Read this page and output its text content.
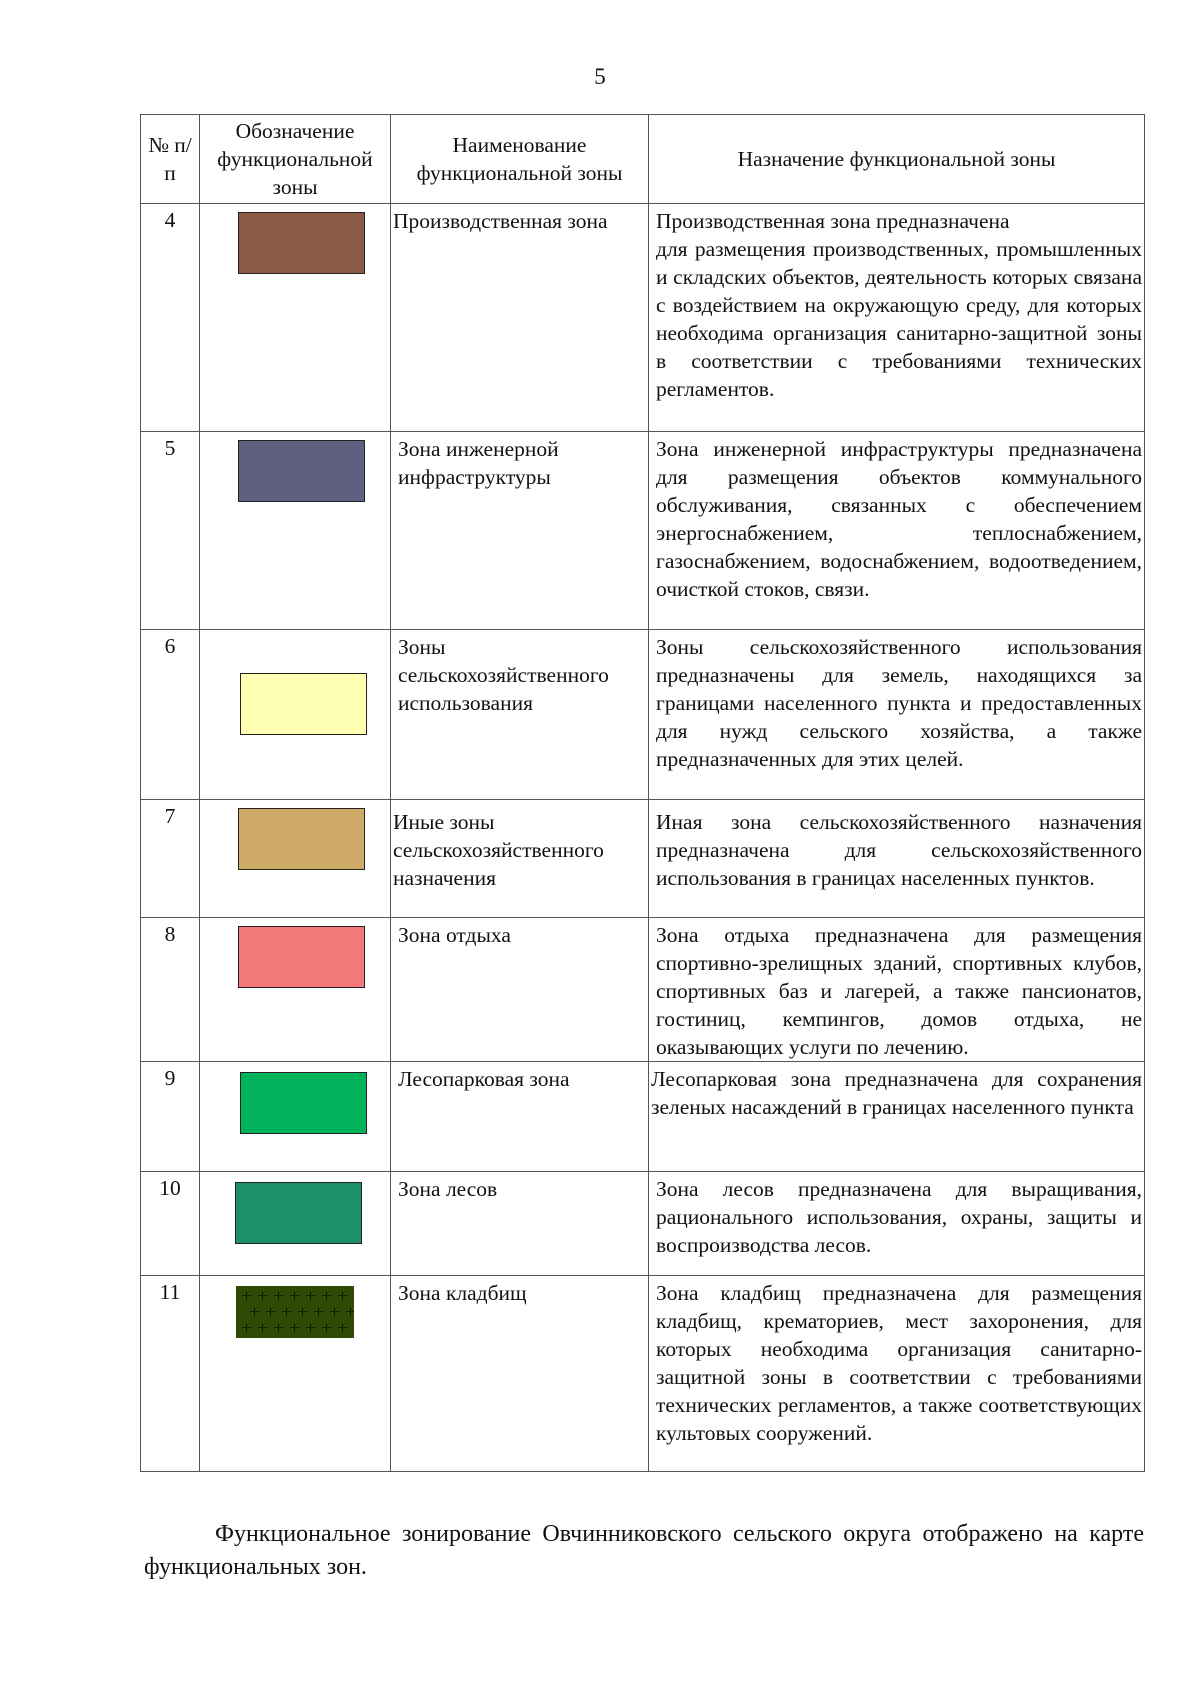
5
№ п/п	Обозначение функциональной зоны	Наименование функциональной зоны	Назначение функциональной зоны

4		Производственная зона	Производственная зона предназначена

для размещения производственных, промышленных и складских объектов, деятельность которых связана с воздействием на окружающую среду, для которых необходима организация санитарно-защитной зоны в соответствии с требованиями технических регламентов.

5		Зона инженерной инфраструктуры	Зона инженерной инфраструктуры предназначена для размещения объектов коммунального обслуживания, связанных с обеспечением энергоснабжением, теплоснабжением, газоснабжением, водоснабжением, водоотведением, очисткой стоков, связи.

6		Зоны сельскохозяйственного использования	Зоны сельскохозяйственного использования предназначены для земель, находящихся за границами населенного пункта и предоставленных для нужд сельского хозяйства, а также предназначенных для этих целей.

7		Иные зоны сельскохозяйственного назначения	Иная зона сельскохозяйственного назначения предназначена для сельскохозяйственного использования в границах населенных пунктов.

8		Зона отдыха	Зона отдыха предназначена для размещения спортивно-зрелищных зданий, спортивных клубов, спортивных баз и лагерей, а также пансионатов, гостиниц, кемпингов, домов отдыха, не оказывающих услуги по лечению.

9		Лесопарковая зона	Лесопарковая зона предназначена для сохранения зеленых насаждений в границах населенного пункта

10		Зона лесов	Зона лесов предназначена для выращивания, рационального использования, охраны, защиты и воспроизводства лесов.

11		Зона кладбищ	Зона кладбищ предназначена для размещения кладбищ, крематориев, мест захоронения, для которых необходима организация санитарно-защитной зоны в соответствии с требованиями технических регламентов, а также соответствующих культовых сооружений.

Функциональное зонирование Овчинниковского сельского округа отображено на карте функциональных зон.
